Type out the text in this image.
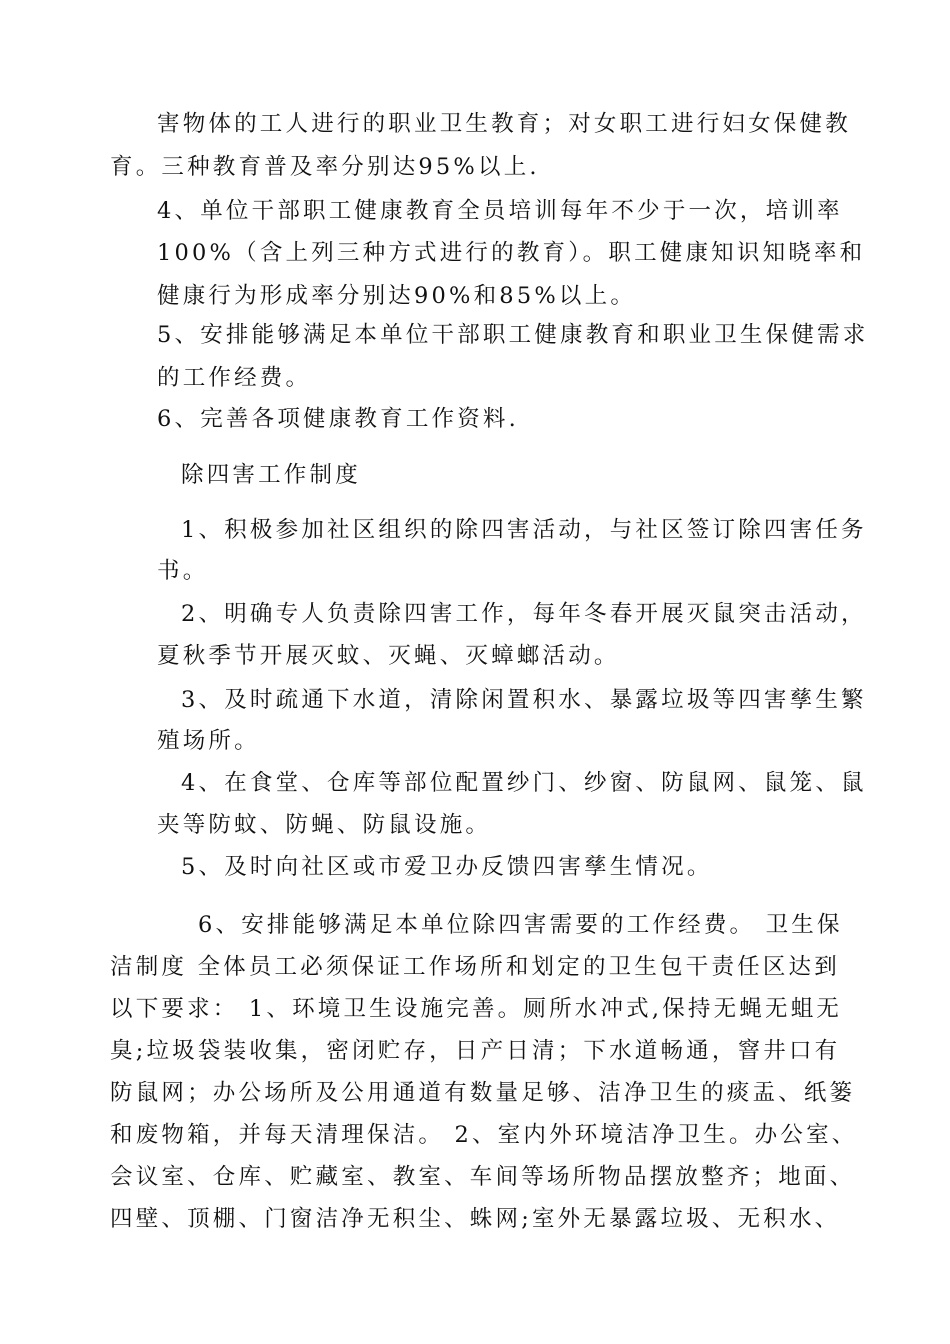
害物体的工人进行的职业卫生教育；对女职工进行妇女保健教
育。三种教育普及率分别达95%以上.
4、单位干部职工健康教育全员培训每年不少于一次，培训率
100%（含上列三种方式进行的教育）。职工健康知识知晓率和
健康行为形成率分别达90%和85%以上。
5、安排能够满足本单位干部职工健康教育和职业卫生保健需求
的工作经费。
6、完善各项健康教育工作资料.
除四害工作制度
1、积极参加社区组织的除四害活动，与社区签订除四害任务
书。
2、明确专人负责除四害工作，每年冬春开展灭鼠突击活动，
夏秋季节开展灭蚊、灭蝇、灭蟑螂活动。
3、及时疏通下水道，清除闲置积水、暴露垃圾等四害孳生繁
殖场所。
4、在食堂、仓库等部位配置纱门、纱窗、防鼠网、鼠笼、鼠
夹等防蚊、防蝇、防鼠设施。
5、及时向社区或市爱卫办反馈四害孳生情况。
6、安排能够满足本单位除四害需要的工作经费。 卫生保
洁制度 全体员工必须保证工作场所和划定的卫生包干责任区达到
以下要求： 1、环境卫生设施完善。厕所水冲式,保持无蝇无蛆无
臭;垃圾袋装收集，密闭贮存，日产日清；下水道畅通，窨井口有
防鼠网；办公场所及公用通道有数量足够、洁净卫生的痰盂、纸篓
和废物箱，并每天清理保洁。 2、室内外环境洁净卫生。办公室、
会议室、仓库、贮藏室、教室、车间等场所物品摆放整齐；地面、
四壁、顶棚、门窗洁净无积尘、蛛网;室外无暴露垃圾、无积水、
